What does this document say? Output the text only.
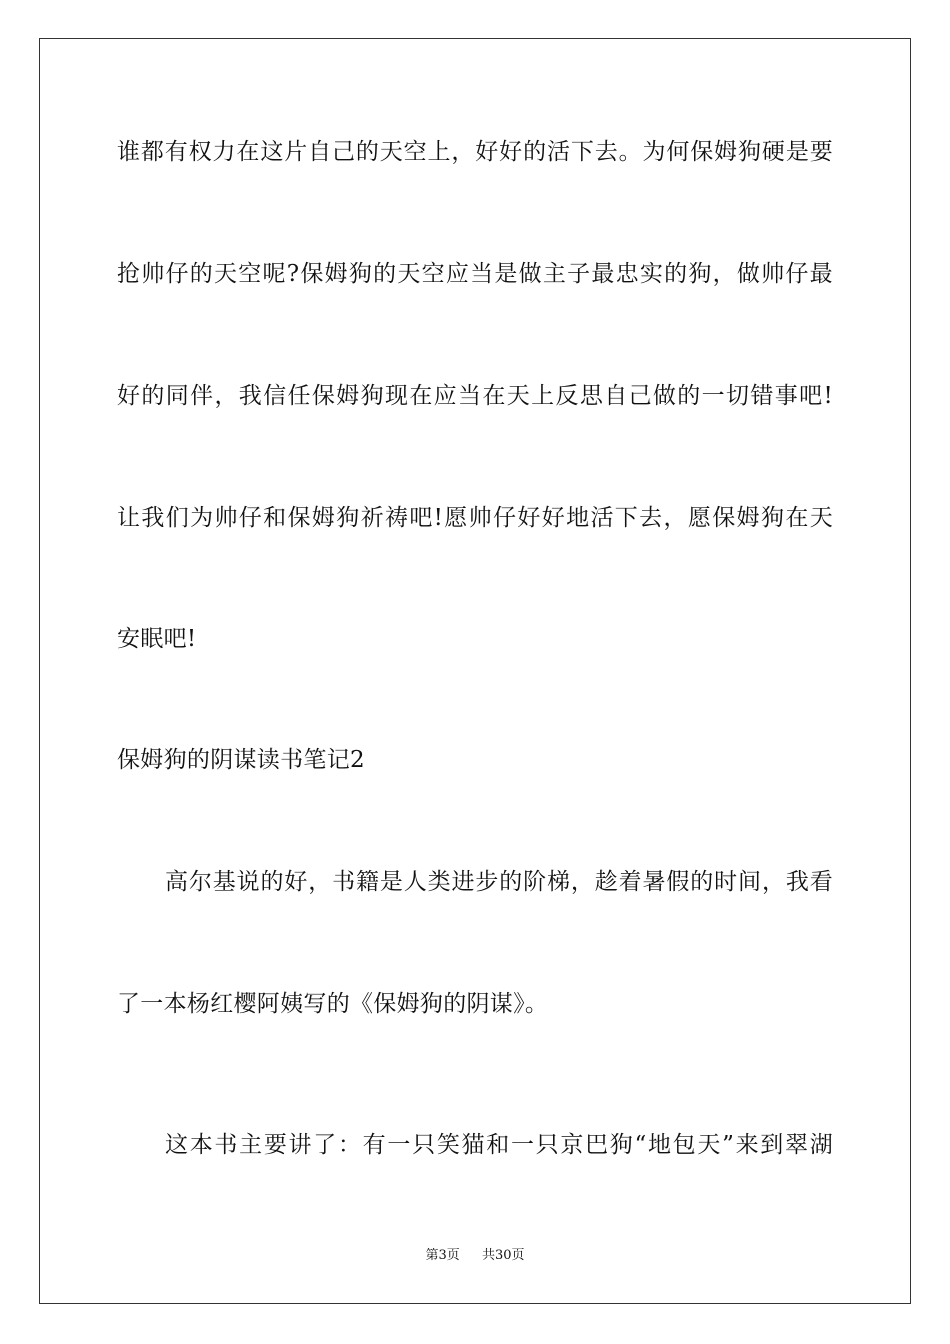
谁都有权力在这片自己的天空上，好好的活下去。为何保姆狗硬是要
抢帅仔的天空呢?保姆狗的天空应当是做主子最忠实的狗，做帅仔最
好的同伴，我信任保姆狗现在应当在天上反思自己做的一切错事吧!
让我们为帅仔和保姆狗祈祷吧!愿帅仔好好地活下去，愿保姆狗在天
安眠吧!
保姆狗的阴谋读书笔记2
高尔基说的好，书籍是人类进步的阶梯，趁着暑假的时间，我看
了一本杨红樱阿姨写的《保姆狗的阴谋》。
这本书主要讲了：有一只笑猫和一只京巴狗“地包天”来到翠湖
第3页 共30页
